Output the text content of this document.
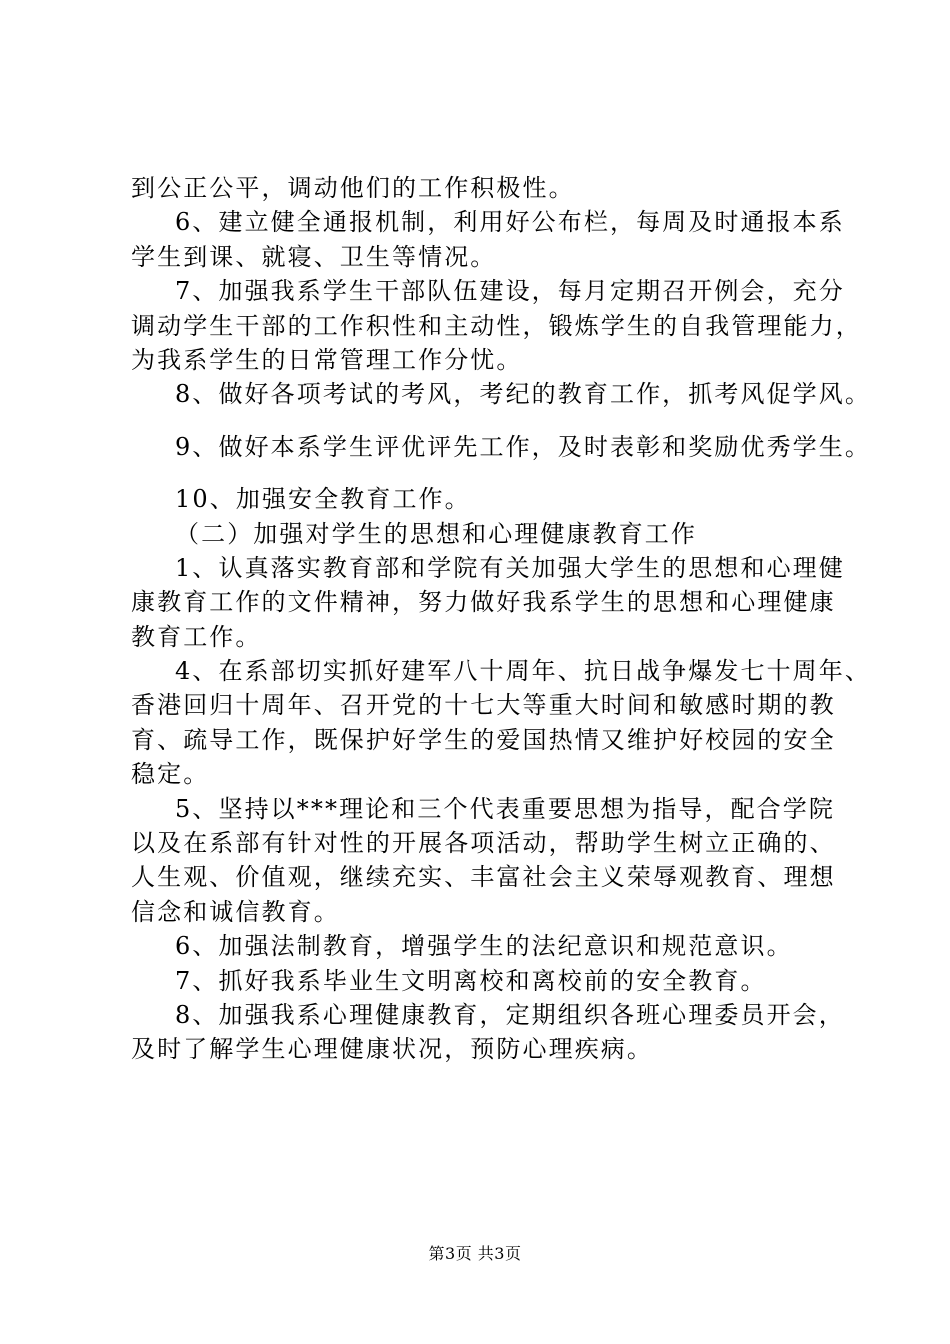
到公正公平，调动他们的工作积极性。
6、建立健全通报机制，利用好公布栏，每周及时通报本系
学生到课、就寝、卫生等情况。
7、加强我系学生干部队伍建设，每月定期召开例会，充分
调动学生干部的工作积性和主动性，锻炼学生的自我管理能力，
为我系学生的日常管理工作分忧。
8、做好各项考试的考风，考纪的教育工作，抓考风促学风。
9、做好本系学生评优评先工作，及时表彰和奖励优秀学生。
10、加强安全教育工作。
（二）加强对学生的思想和心理健康教育工作
1、认真落实教育部和学院有关加强大学生的思想和心理健
康教育工作的文件精神，努力做好我系学生的思想和心理健康
教育工作。
4、在系部切实抓好建军八十周年、抗日战争爆发七十周年、
香港回归十周年、召开党的十七大等重大时间和敏感时期的教
育、疏导工作，既保护好学生的爱国热情又维护好校园的安全
稳定。
5、坚持以***理论和三个代表重要思想为指导，配合学院
以及在系部有针对性的开展各项活动，帮助学生树立正确的、
人生观、价值观，继续充实、丰富社会主义荣辱观教育、理想
信念和诚信教育。
6、加强法制教育，增强学生的法纪意识和规范意识。
7、抓好我系毕业生文明离校和离校前的安全教育。
8、加强我系心理健康教育，定期组织各班心理委员开会，
及时了解学生心理健康状况，预防心理疾病。
第3页 共3页
